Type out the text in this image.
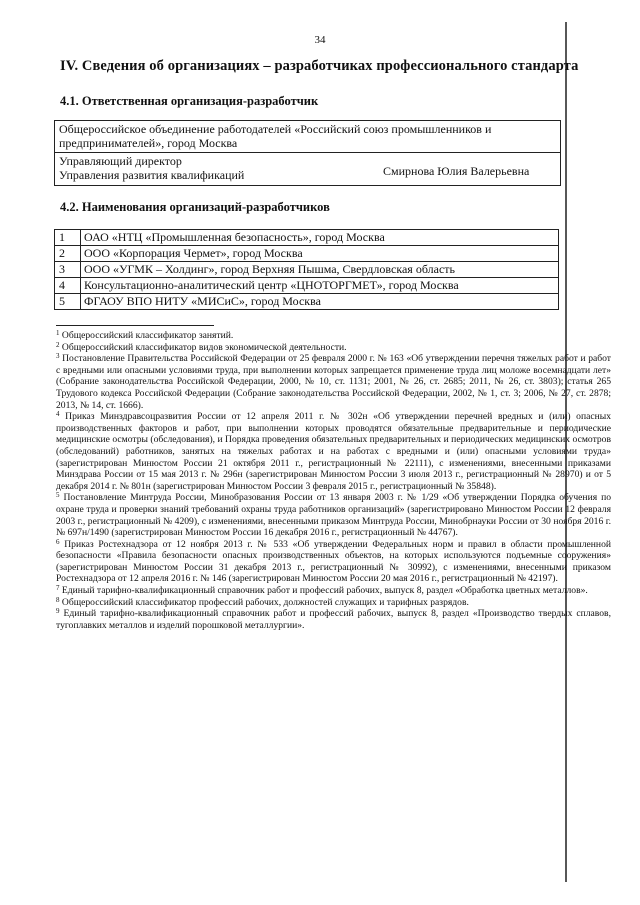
34
IV. Сведения об организациях – разработчиках профессионального стандарта
4.1. Ответственная организация-разработчик
Общероссийское объединение работодателей «Российский союз промышленников и предпринимателей», город Москва
Управляющий директор
Управления развития квалификаций	Смирнова Юлия Валерьевна
4.2. Наименования организаций-разработчиков
1	ОАО «НТЦ «Промышленная безопасность», город Москва
2	ООО «Корпорация Чермет», город Москва
3	ООО «УГМК – Холдинг», город Верхняя Пышма, Свердловская область
4	Консультационно-аналитический центр «ЦНОТОРГМЕТ», город Москва
5	ФГАОУ ВПО НИТУ «МИСиС», город Москва

$^1$ Общероссийский классификатор занятий.

$^2$ Общероссийский классификатор видов экономической деятельности.

$^3$ Постановление Правительства Российской Федерации от 25 февраля 2000 г. № 163 «Об утверждении перечня тяжелых работ и работ с вредными или опасными условиями труда, при выполнении которых запрещается применение труда лиц моложе восемнадцати лет» (Собрание законодательства Российской Федерации, 2000, № 10, ст. 1131; 2001, № 26, ст. 2685; 2011, № 26, ст. 3803); статья 265 Трудового кодекса Российской Федерации (Собрание законодательства Российской Федерации, 2002, № 1, ст. 3; 2006, № 27, ст. 2878; 2013, № 14, ст. 1666).

$^4$ Приказ Минздравсоцразвития России от 12 апреля 2011 г. № 302н «Об утверждении перечней вредных и (или) опасных производственных факторов и работ, при выполнении которых проводятся обязательные предварительные и периодические медицинские осмотры (обследования), и Порядка проведения обязательных предварительных и периодических медицинских осмотров (обследований) работников, занятых на тяжелых работах и на работах с вредными и (или) опасными условиями труда» (зарегистрирован Минюстом России 21 октября 2011 г., регистрационный № 22111), с изменениями, внесенными приказами Минздрава России от 15 мая 2013 г. № 296н (зарегистрирован Минюстом России 3 июля 2013 г., регистрационный № 28970) и от 5 декабря 2014 г. № 801н (зарегистрирован Минюстом России 3 февраля 2015 г., регистрационный № 35848).

$^5$ Постановление Минтруда России, Минобразования России от 13 января 2003 г. № 1/29 «Об утверждении Порядка обучения по охране труда и проверки знаний требований охраны труда работников организаций» (зарегистрировано Минюстом России 12 февраля 2003 г., регистрационный № 4209), с изменениями, внесенными приказом Минтруда России, Минобрнауки России от 30 ноября 2016 г. № 697н/1490 (зарегистрирован Минюстом России 16 декабря 2016 г., регистрационный № 44767).

$^6$ Приказ Ростехнадзора от 12 ноября 2013 г. № 533 «Об утверждении Федеральных норм и правил в области промышленной безопасности «Правила безопасности опасных производственных объектов, на которых используются подъемные сооружения» (зарегистрирован Минюстом России 31 декабря 2013 г., регистрационный № 30992), с изменениями, внесенными приказом Ростехнадзора от 12 апреля 2016 г. № 146 (зарегистрирован Минюстом России 20 мая 2016 г., регистрационный № 42197).

$^7$ Единый тарифно-квалификационный справочник работ и профессий рабочих, выпуск 8, раздел «Обработка цветных металлов».

$^8$ Общероссийский классификатор профессий рабочих, должностей служащих и тарифных разрядов.

$^9$ Единый тарифно-квалификационный справочник работ и профессий рабочих, выпуск 8, раздел «Производство твердых сплавов, тугоплавких металлов и изделий порошковой металлургии».
